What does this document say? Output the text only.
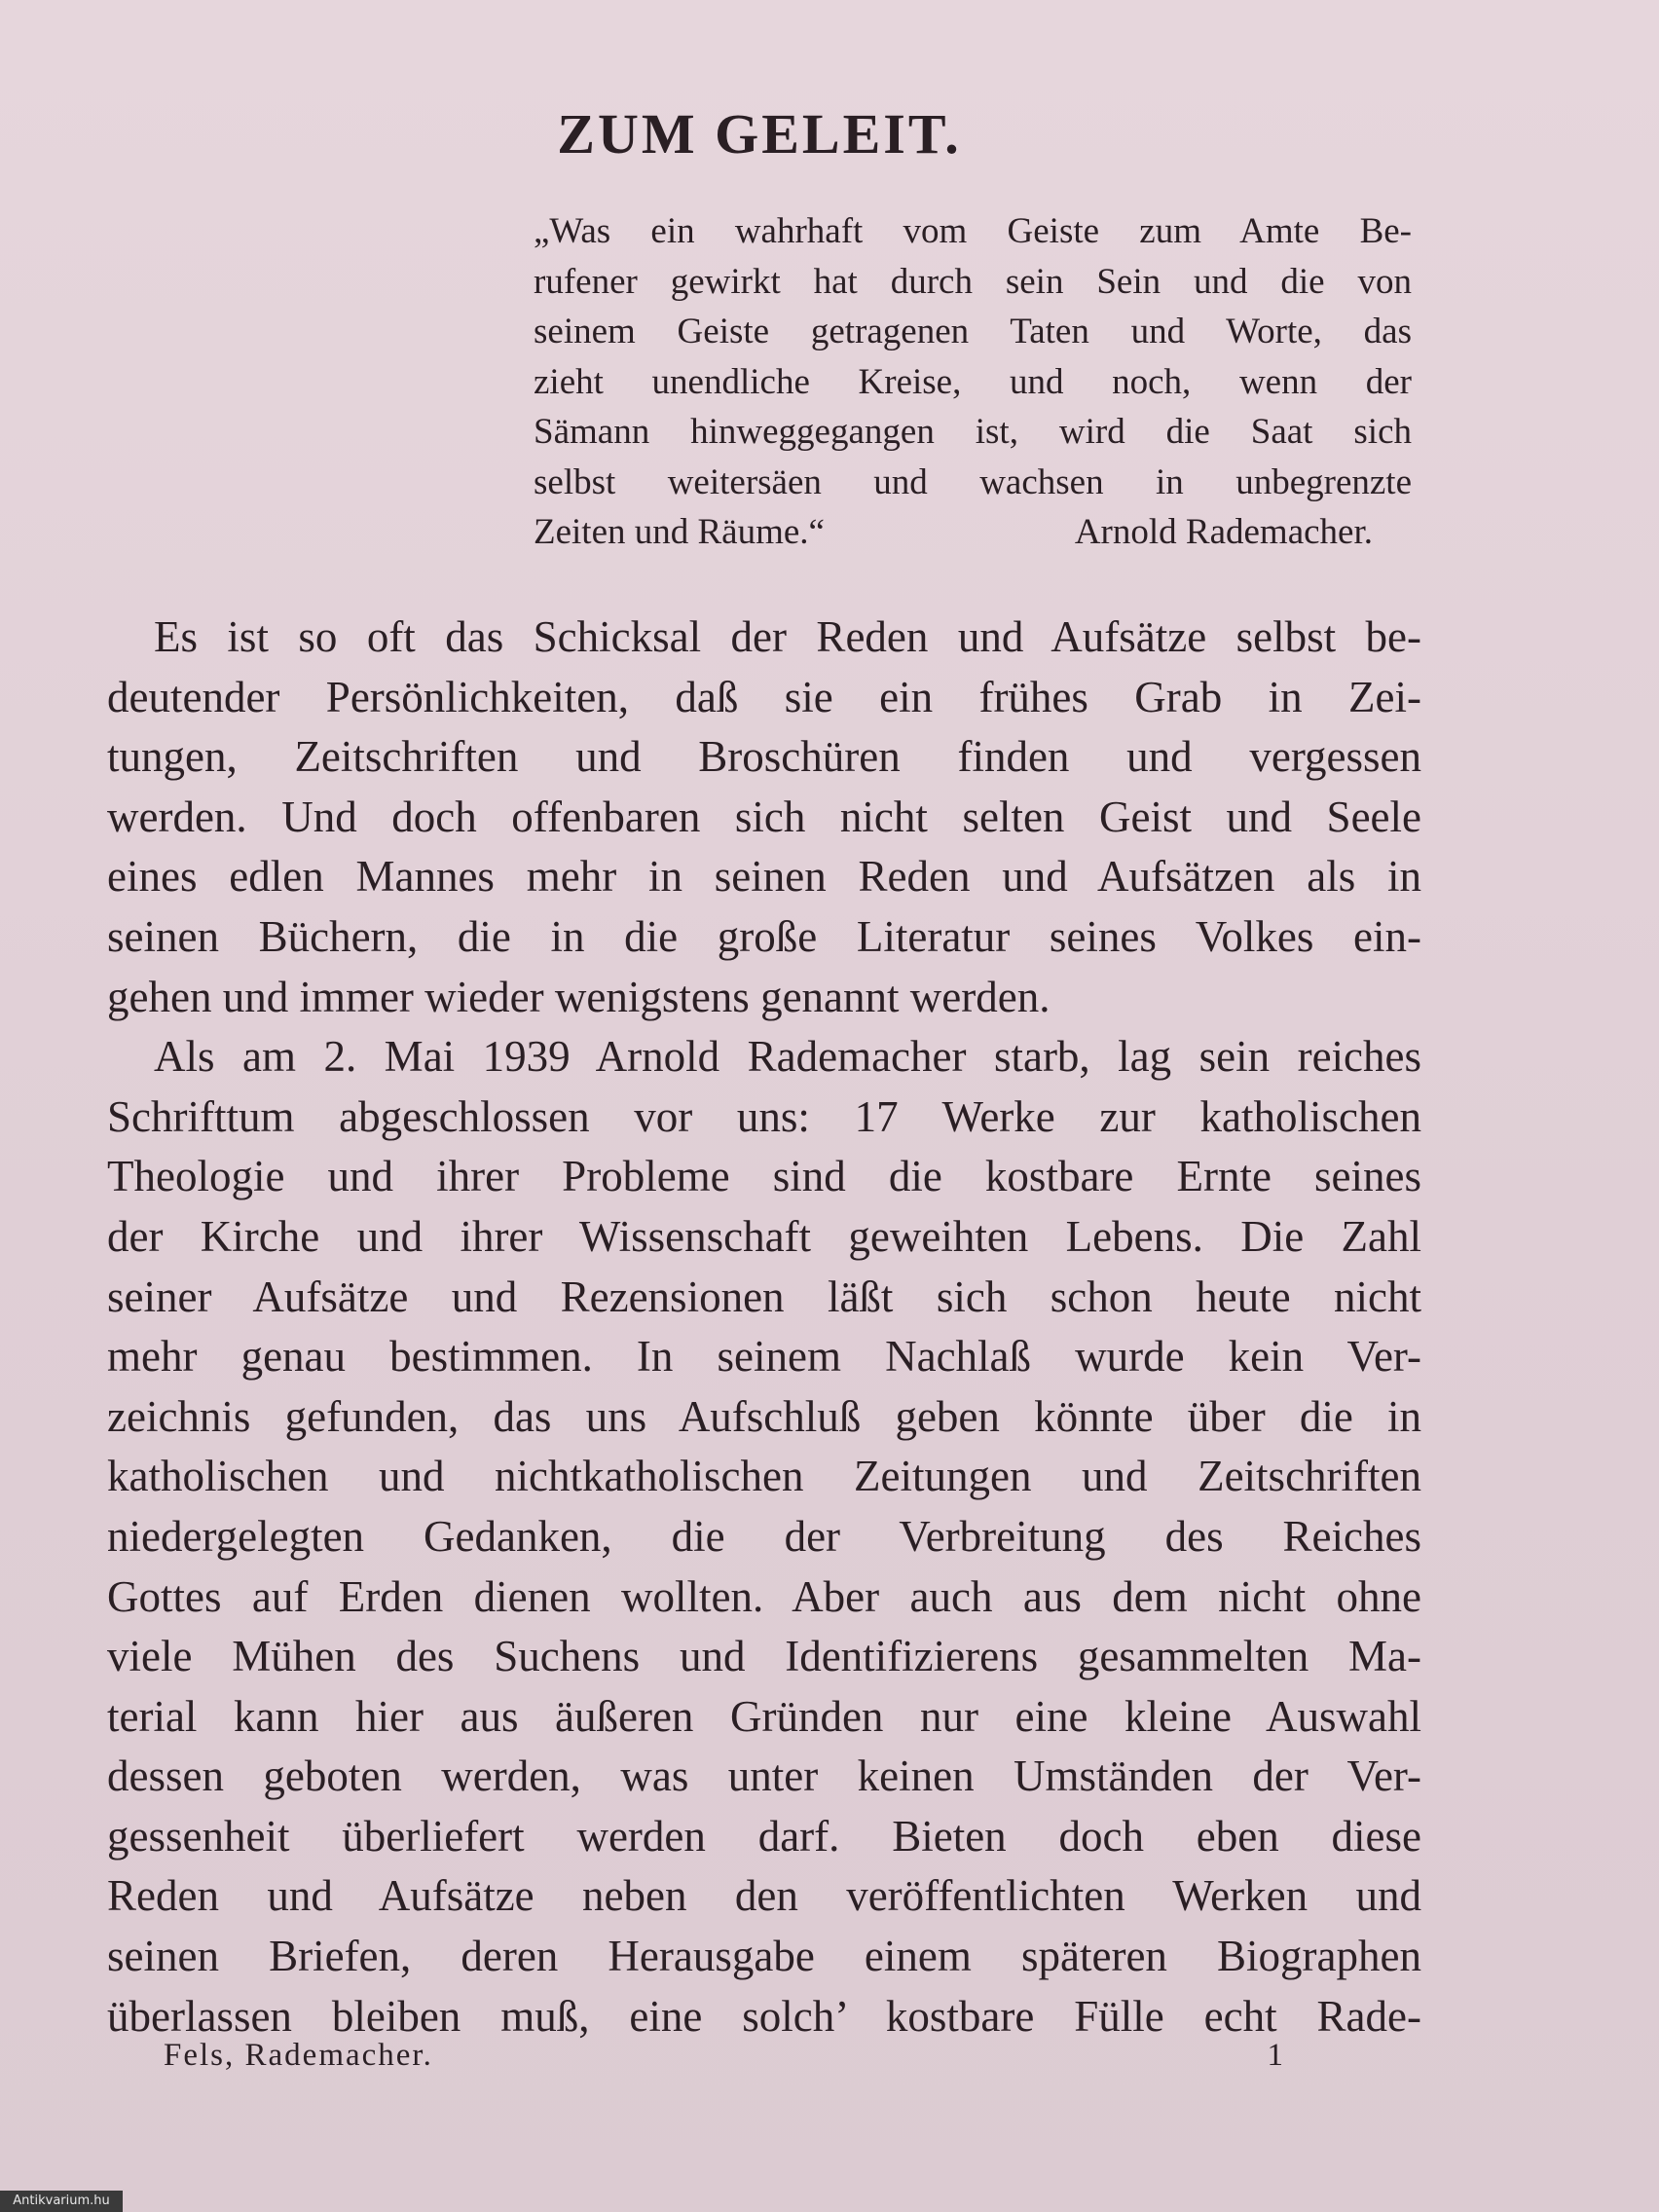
ZUM GELEIT.
„Was ein wahrhaft vom Geiste zum Amte Be-
rufener gewirkt hat durch sein Sein und die von
seinem Geiste getragenen Taten und Worte, das
zieht unendliche Kreise, und noch, wenn der
Sämann hinweggegangen ist, wird die Saat sich
selbst weitersäen und wachsen in unbegrenzte
Zeiten und Räume.“	Arnold Rademacher.
Es ist so oft das Schicksal der Reden und Aufsätze selbst be-
deutender Persönlichkeiten, daß sie ein frühes Grab in Zei-
tungen, Zeitschriften und Broschüren finden und vergessen
werden. Und doch offenbaren sich nicht selten Geist und Seele
eines edlen Mannes mehr in seinen Reden und Aufsätzen als in
seinen Büchern, die in die große Literatur seines Volkes ein-
gehen und immer wieder wenigstens genannt werden.
Als am 2. Mai 1939 Arnold Rademacher starb, lag sein reiches
Schrifttum abgeschlossen vor uns: 17 Werke zur katholischen
Theologie und ihrer Probleme sind die kostbare Ernte seines
der Kirche und ihrer Wissenschaft geweihten Lebens. Die Zahl
seiner Aufsätze und Rezensionen läßt sich schon heute nicht
mehr genau bestimmen. In seinem Nachlaß wurde kein Ver-
zeichnis gefunden, das uns Aufschluß geben könnte über die in
katholischen und nichtkatholischen Zeitungen und Zeitschriften
niedergelegten Gedanken, die der Verbreitung des Reiches
Gottes auf Erden dienen wollten. Aber auch aus dem nicht ohne
viele Mühen des Suchens und Identifizierens gesammelten Ma-
terial kann hier aus äußeren Gründen nur eine kleine Auswahl
dessen geboten werden, was unter keinen Umständen der Ver-
gessenheit überliefert werden darf. Bieten doch eben diese
Reden und Aufsätze neben den veröffentlichten Werken und
seinen Briefen, deren Herausgabe einem späteren Biographen
überlassen bleiben muß, eine solch’ kostbare Fülle echt Rade-
Fels, Rademacher.	1
Antikvarium.hu
